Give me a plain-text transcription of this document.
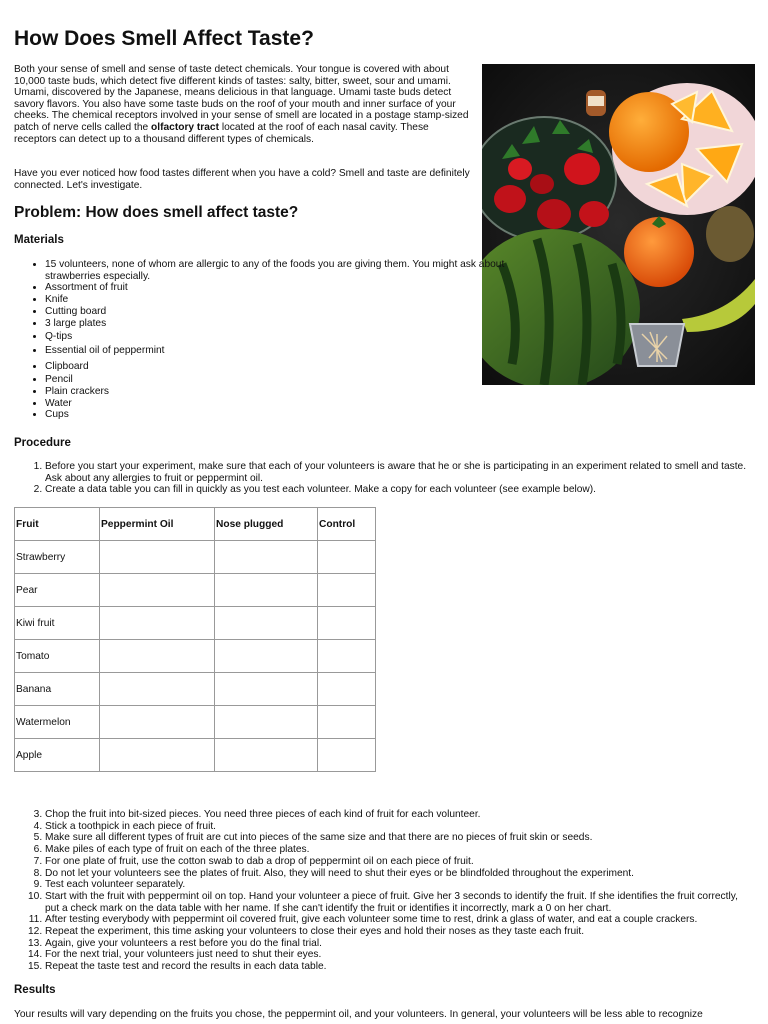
How Does Smell Affect Taste?

Both your sense of smell and sense of taste detect chemicals. Your tongue is covered with about 10,000 taste buds, which detect five different kinds of tastes: salty, bitter, sweet, sour and umami. Umami, discovered by the Japanese, means delicious in that language. Umami taste buds detect savory flavors. You also have some taste buds on the roof of your mouth and inner surface of your cheeks. The chemical receptors involved in your sense of smell are located in a postage stamp-sized patch of nerve cells called the olfactory tract located at the roof of each nasal cavity. These receptors can detect up to a thousand different types of chemicals.

Have you ever noticed how food tastes different when you have a cold? Smell and taste are definitely connected. Let's investigate.

Problem: How does smell affect taste?
Materials
• 15 volunteers, none of whom are allergic to any of the foods you are giving them. You might ask about strawberries especially.
• Assortment of fruit
• Knife
• Cutting board
• 3 large plates
• Q-tips
• Essential oil of peppermint
• Clipboard
• Pencil
• Plain crackers
• Water
• Cups
Procedure
1. Before you start your experiment, make sure that each of your volunteers is aware that he or she is participating in an experiment related to smell and taste. Ask about any allergies to fruit or peppermint oil.
2. Create a data table you can fill in quickly as you test each volunteer. Make a copy for each volunteer (see example below).
Fruit	Peppermint Oil	Nose plugged	Control
Strawberry			
Pear			
Kiwi fruit			
Tomato			
Banana			
Watermelon			
Apple			
3. Chop the fruit into bit-sized pieces. You need three pieces of each kind of fruit for each volunteer.
4. Stick a toothpick in each piece of fruit.
5. Make sure all different types of fruit are cut into pieces of the same size and that there are no pieces of fruit skin or seeds.
6. Make piles of each type of fruit on each of the three plates.
7. For one plate of fruit, use the cotton swab to dab a drop of peppermint oil on each piece of fruit.
8. Do not let your volunteers see the plates of fruit. Also, they will need to shut their eyes or be blindfolded throughout the experiment.
9. Test each volunteer separately.
10. Start with the fruit with peppermint oil on top. Hand your volunteer a piece of fruit. Give her 3 seconds to identify the fruit. If she identifies the fruit correctly, put a check mark on the data table with her name. If she can't identify the fruit or identifies it incorrectly, mark a 0 on her chart.
11. After testing everybody with peppermint oil covered fruit, give each volunteer some time to rest, drink a glass of water, and eat a couple crackers.
12. Repeat the experiment, this time asking your volunteers to close their eyes and hold their noses as they taste each fruit.
13. Again, give your volunteers a rest before you do the final trial.
14. For the next trial, your volunteers just need to shut their eyes.
15. Repeat the taste test and record the results in each data table.
Results

Your results will vary depending on the fruits you chose, the peppermint oil, and your volunteers. In general, your volunteers will be less able to recognize
